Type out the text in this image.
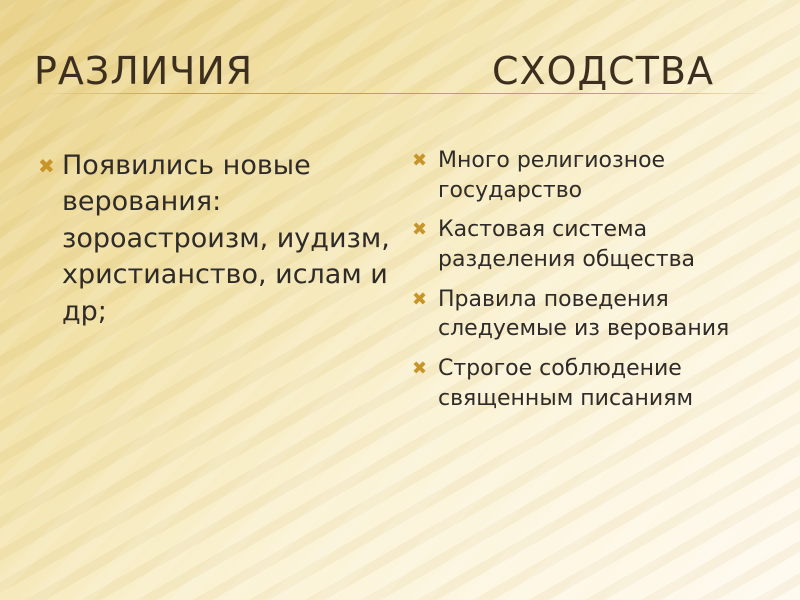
РАЗЛИЧИЯ	СХОДСТВА
✖ Появились новые верования: зороастроизм, иудизм, христианство, ислам и др;
✖ Много религиозное государство
✖ Кастовая система разделения общества
✖ Правила поведения следуемые из верования
✖ Строгое соблюдение священным писаниям
